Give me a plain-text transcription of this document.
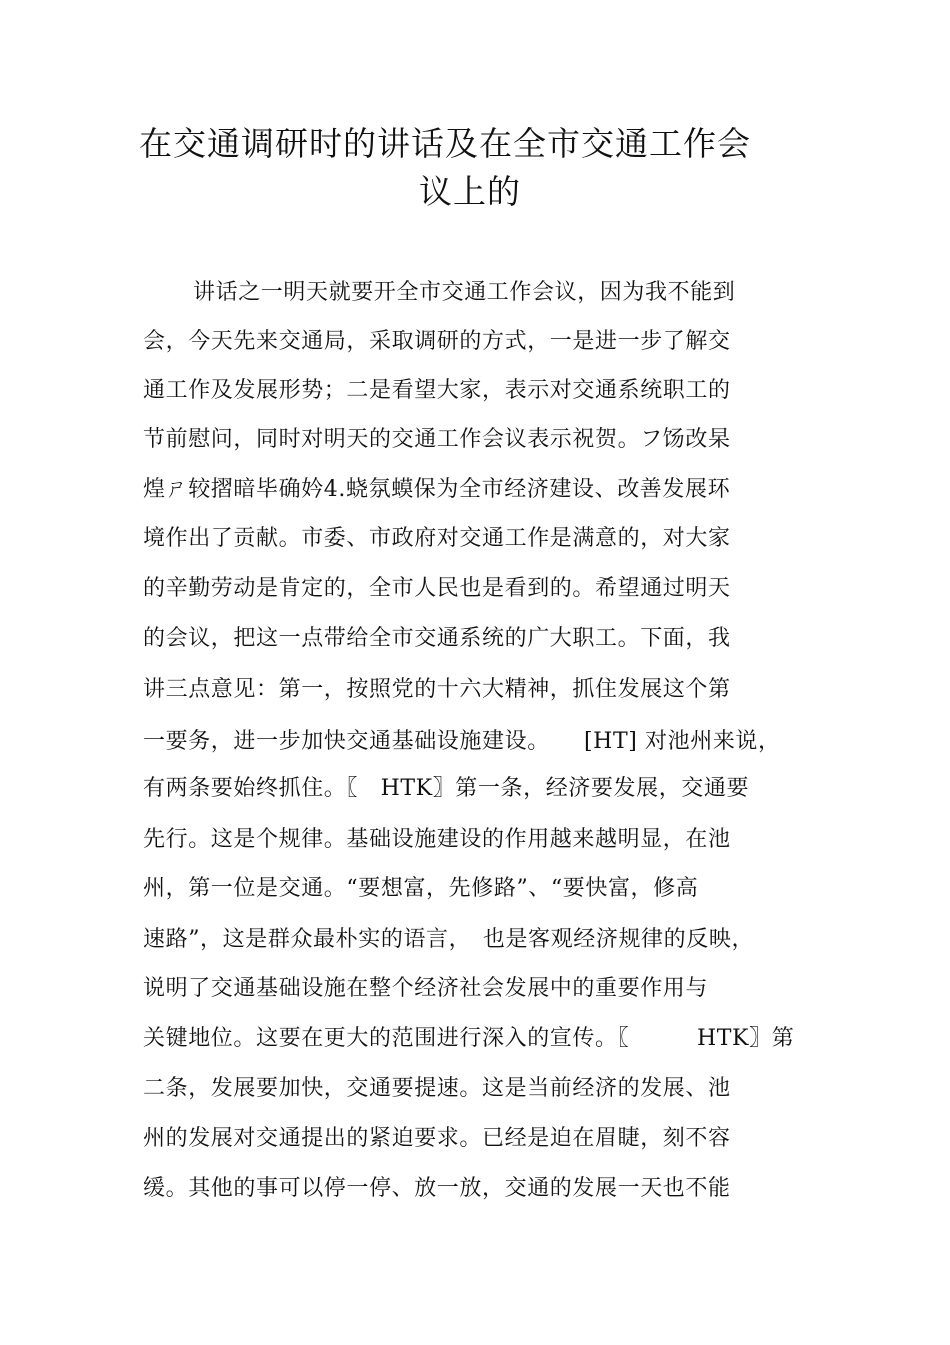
在交通调研时的讲话及在全市交通工作会
议上的
讲话之一明天就要开全市交通工作会议，因为我不能到
会，今天先来交通局，采取调研的方式，一是进一步了解交
通工作及发展形势；二是看望大家，表示对交通系统职工的
节前慰问，同时对明天的交通工作会议表示祝贺。フ饧改杲
煌ㄕ较摺暗毕确妗4.蛲氛蟆保为全市经济建设、改善发展环
境作出了贡献。市委、市政府对交通工作是满意的，对大家
的辛勤劳动是肯定的，全市人民也是看到的。希望通过明天
的会议，把这一点带给全市交通系统的广大职工。下面，我
讲三点意见：第一，按照党的十六大精神，抓住发展这个第
一要务，进一步加快交通基础设施建设。　　[HT] 对池州来说，
有两条要始终抓住。〖　HTK〗第一条，经济要发展，交通要
先行。这是个规律。基础设施建设的作用越来越明显，在池
州，第一位是交通。“要想富，先修路”、“要快富，修高
速路”，这是群众最朴实的语言，　也是客观经济规律的反映，
说明了交通基础设施在整个经济社会发展中的重要作用与
关键地位。这要在更大的范围进行深入的宣传。〖　　　HTK〗第
二条，发展要加快，交通要提速。这是当前经济的发展、池
州的发展对交通提出的紧迫要求。已经是迫在眉睫，刻不容
缓。其他的事可以停一停、放一放，交通的发展一天也不能
